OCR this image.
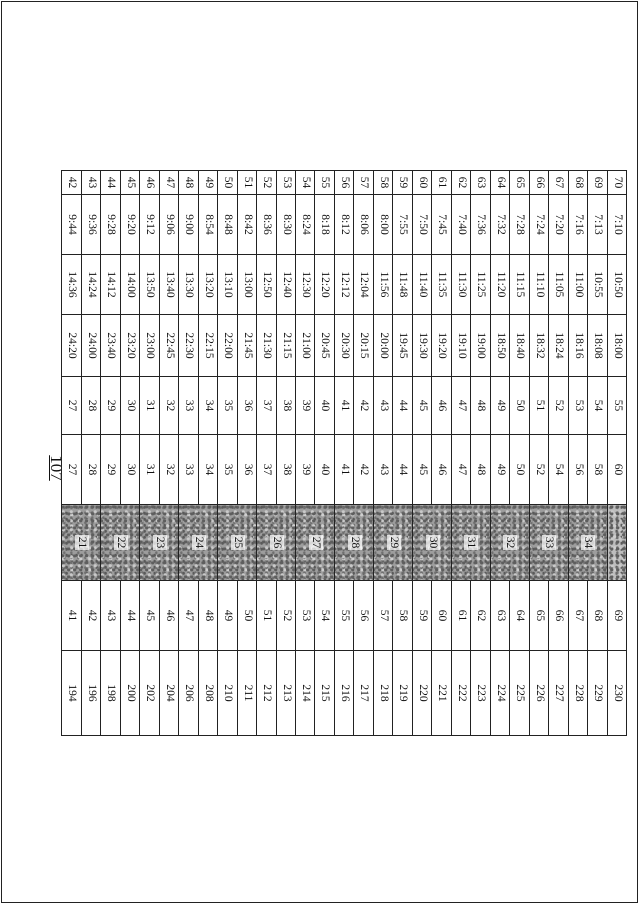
107
70	7:10	10:50	18:00	55	60		69	230
69	7:13	10:55	18:08	54	58	34	68	229
68	7:16	11:00	18:16	53	56		67	228
67	7:20	11:05	18:24	52	54	33	66	227
66	7:24	11:10	18:32	51	52		65	226
65	7:28	11:15	18:40	50	50	32	64	225
64	7:32	11:20	18:50	49	49		63	224
63	7:36	11:25	19:00	48	48	31	62	223
62	7:40	11:30	19:10	47	47		61	222
61	7:45	11:35	19:20	46	46	30	60	221
60	7:50	11:40	19:30	45	45		59	220
59	7:55	11:48	19:45	44	44	29	58	219
58	8:00	11:56	20:00	43	43		57	218
57	8:06	12:04	20:15	42	42	28	56	217
56	8:12	12:12	20:30	41	41		55	216
55	8:18	12:20	20:45	40	40	27	54	215
54	8:24	12:30	21:00	39	39		53	214
53	8:30	12:40	21:15	38	38	26	52	213
52	8:36	12:50	21:30	37	37		51	212
51	8:42	13:00	21:45	36	36	25	50	211
50	8:48	13:10	22:00	35	35		49	210
49	8:54	13:20	22:15	34	34	24	48	208
48	9:00	13:30	22:30	33	33		47	206
47	9:06	13:40	22:45	32	32	23	46	204
46	9:12	13:50	23:00	31	31		45	202
45	9:20	14:00	23:20	30	30	22	44	200
44	9:28	14:12	23:40	29	29		43	198
43	9:36	14:24	24:00	28	28	21	42	196
42	9:44	14:36	24:20	27	27		41	194
